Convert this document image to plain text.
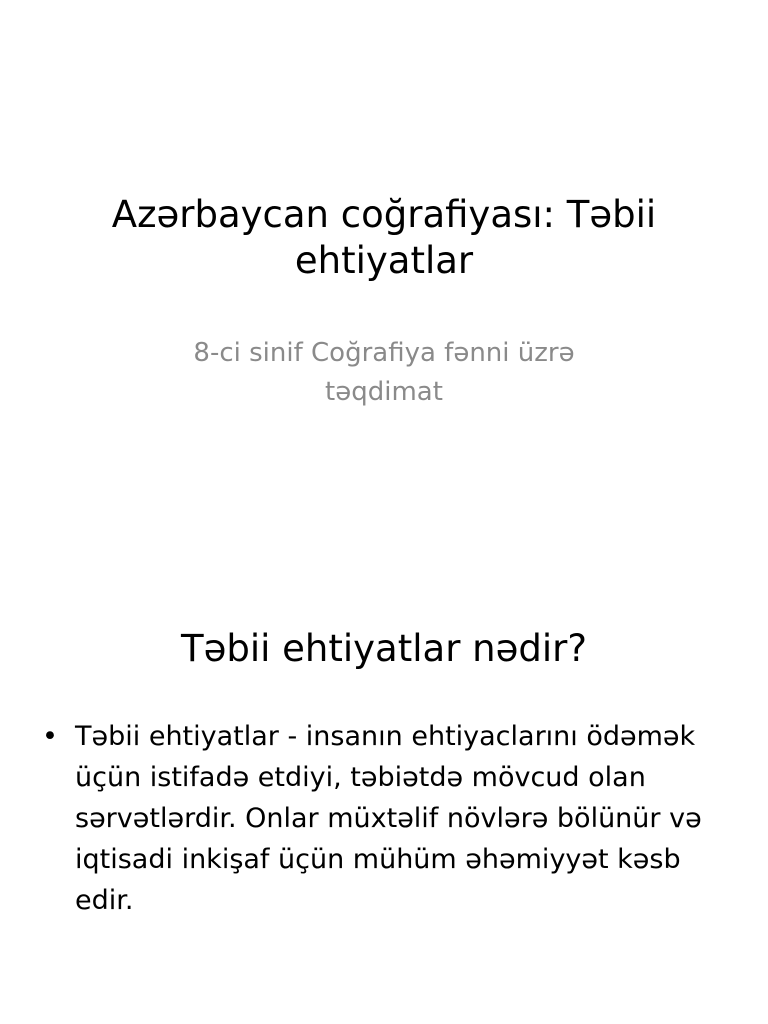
Azərbaycan coğrafiyası: Təbii ehtiyatlar

8-ci sinif Coğrafiya fənni üzrə təqdimat

Təbii ehtiyatlar nədir?
• Təbii ehtiyatlar - insanın ehtiyaclarını ödəmək üçün istifadə etdiyi, təbiətdə mövcud olan sərvətlərdir. Onlar müxtəlif növlərə bölünür və iqtisadi inkişaf üçün mühüm əhəmiyyət kəsb edir.
